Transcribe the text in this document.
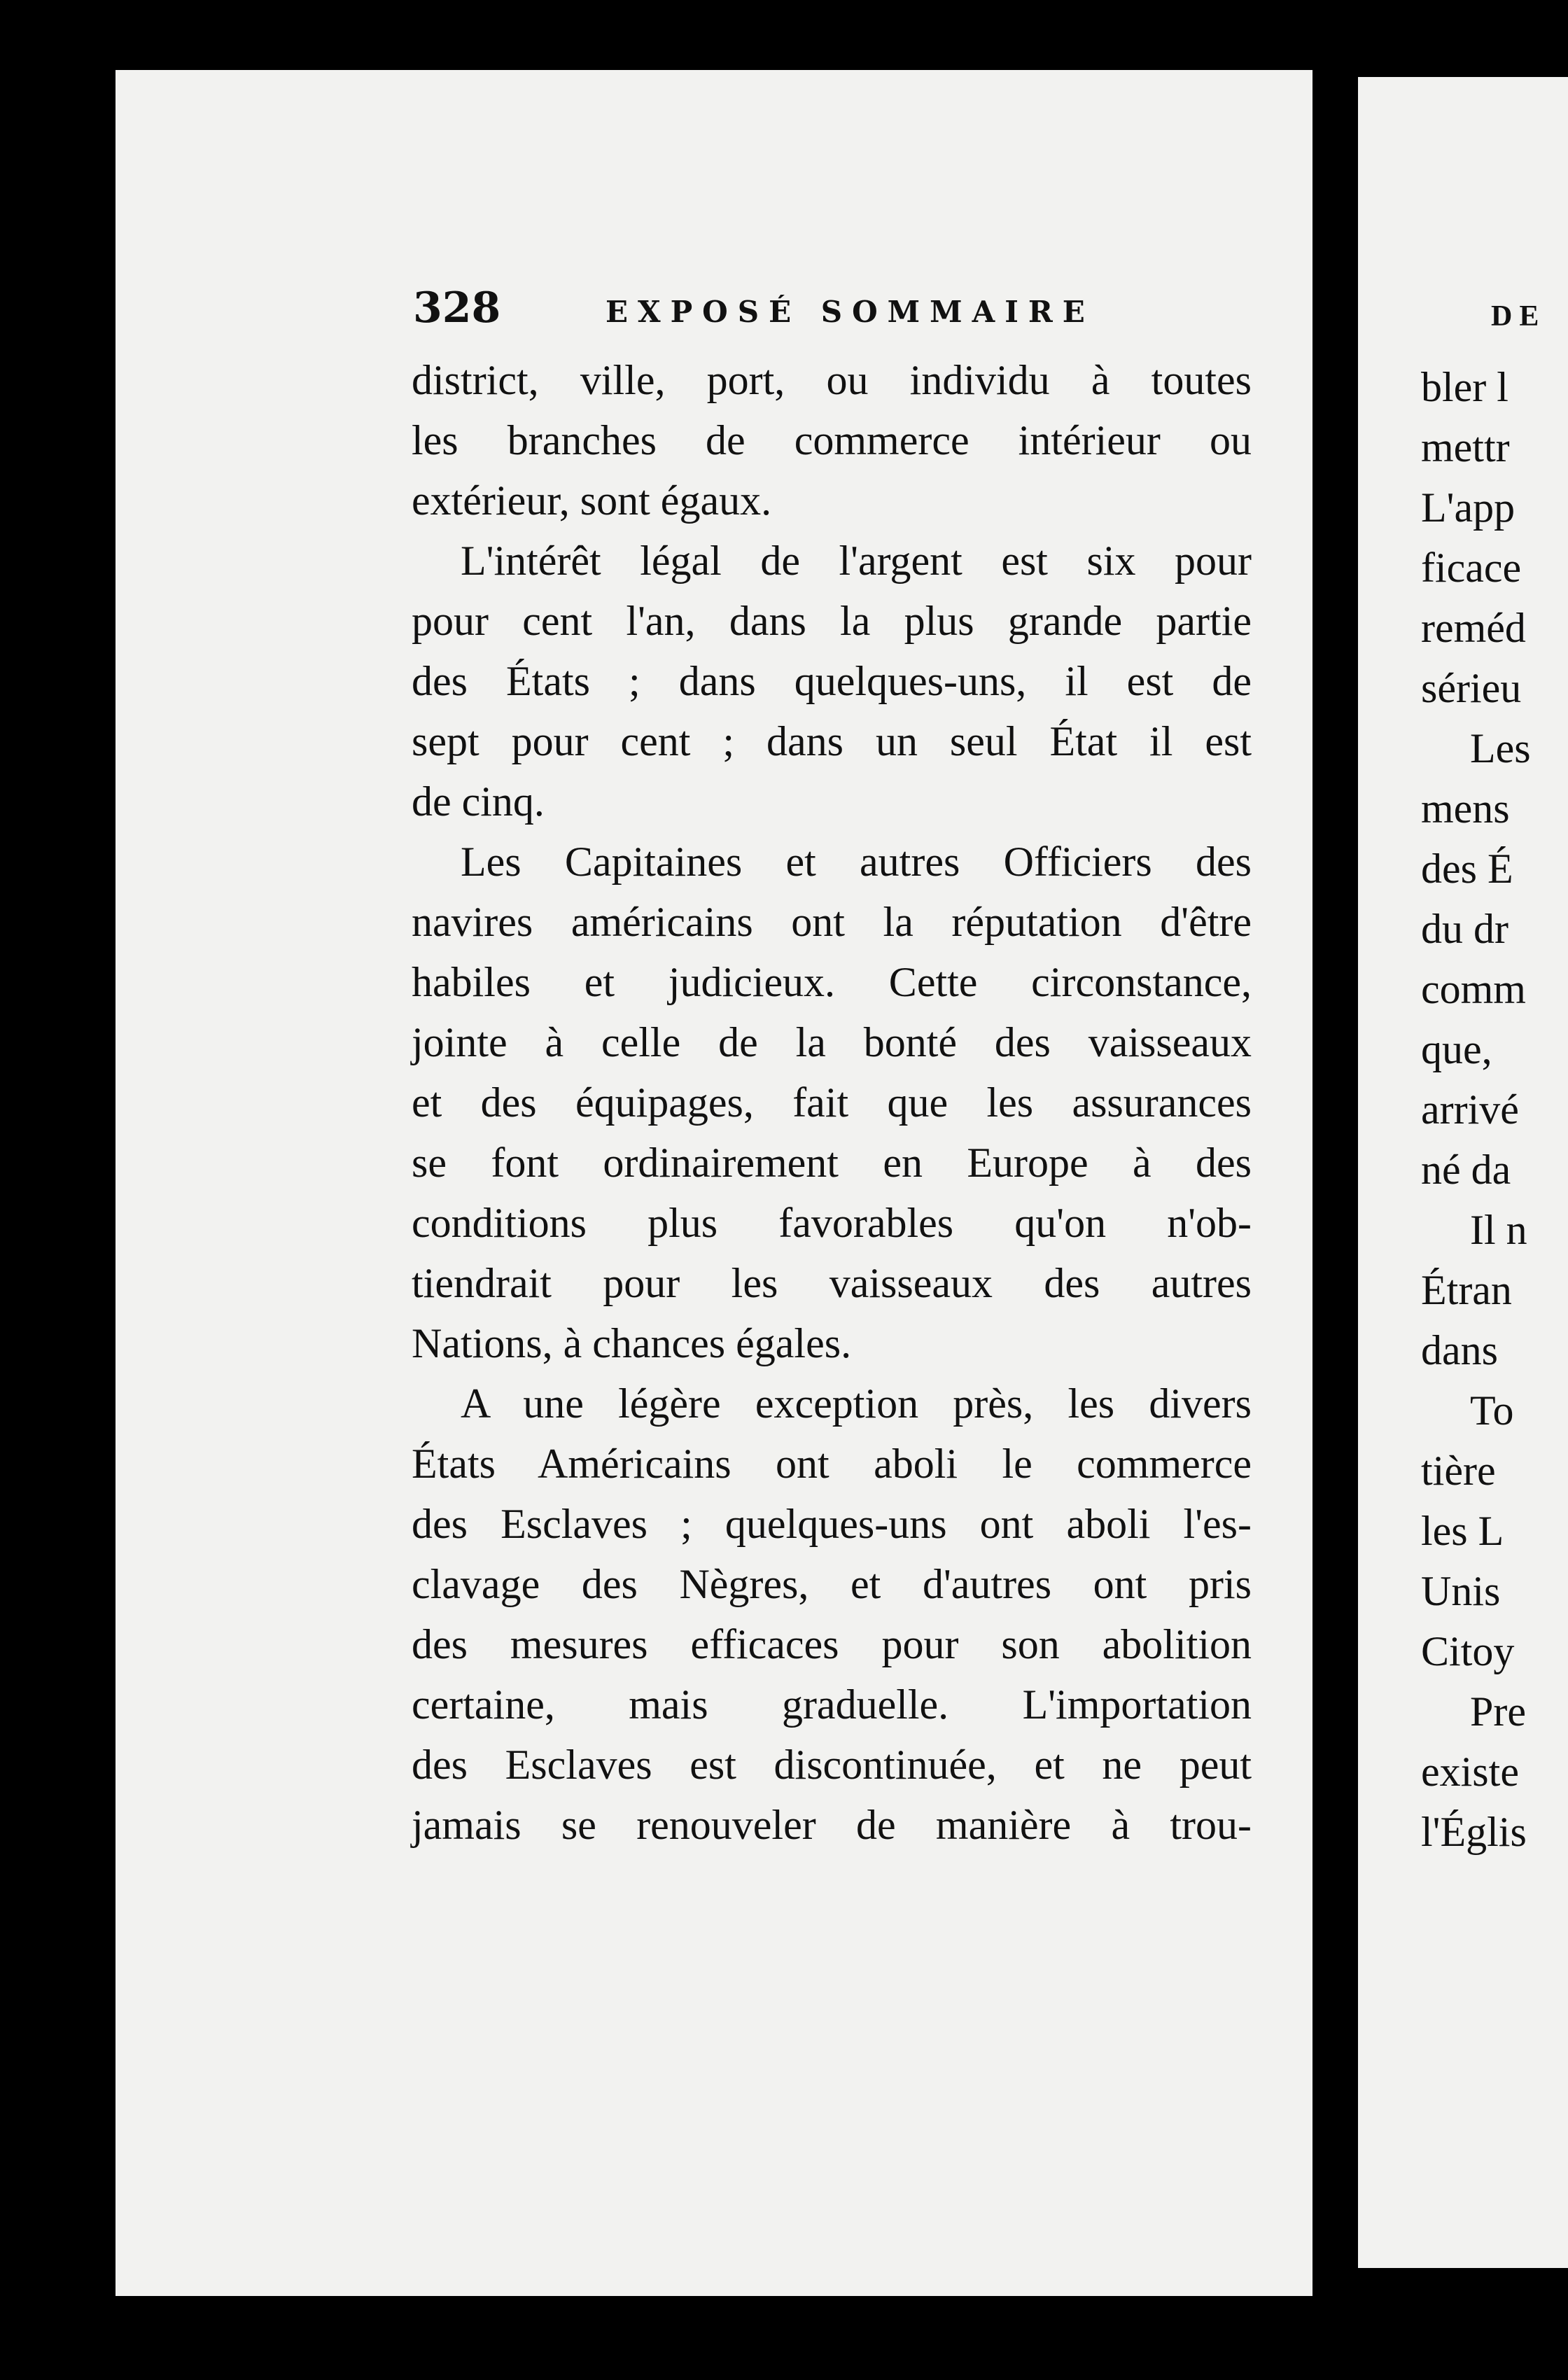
328	EXPOSÉ SOMMAIRE
district, ville, port, ou individu à toutes
les branches de commerce intérieur ou
extérieur, sont égaux.
L'intérêt légal de l'argent est six pour
pour cent l'an, dans la plus grande partie
des États ; dans quelques-uns, il est de
sept pour cent ; dans un seul État il est
de cinq.
Les Capitaines et autres Officiers des
navires américains ont la réputation d'être
habiles et judicieux. Cette circonstance,
jointe à celle de la bonté des vaisseaux
et des équipages, fait que les assurances
se font ordinairement en Europe à des
conditions plus favorables qu'on n'ob-
tiendrait pour les vaisseaux des autres
Nations, à chances égales.
A une légère exception près, les divers
États Américains ont aboli le commerce
des Esclaves ; quelques-uns ont aboli l'es-
clavage des Nègres, et d'autres ont pris
des mesures efficaces pour son abolition
certaine, mais graduelle. L'importation
des Esclaves est discontinuée, et ne peut
jamais se renouveler de manière à trou-
DE
bler l
mettr
L'app
ficace
reméd
sérieu
Les
mens
des É
du dr
comm
que,
arrivé
né da
Il n
Étran
dans
To
tière
les L
Unis
Citoy
Pre
existe
l'Églis
